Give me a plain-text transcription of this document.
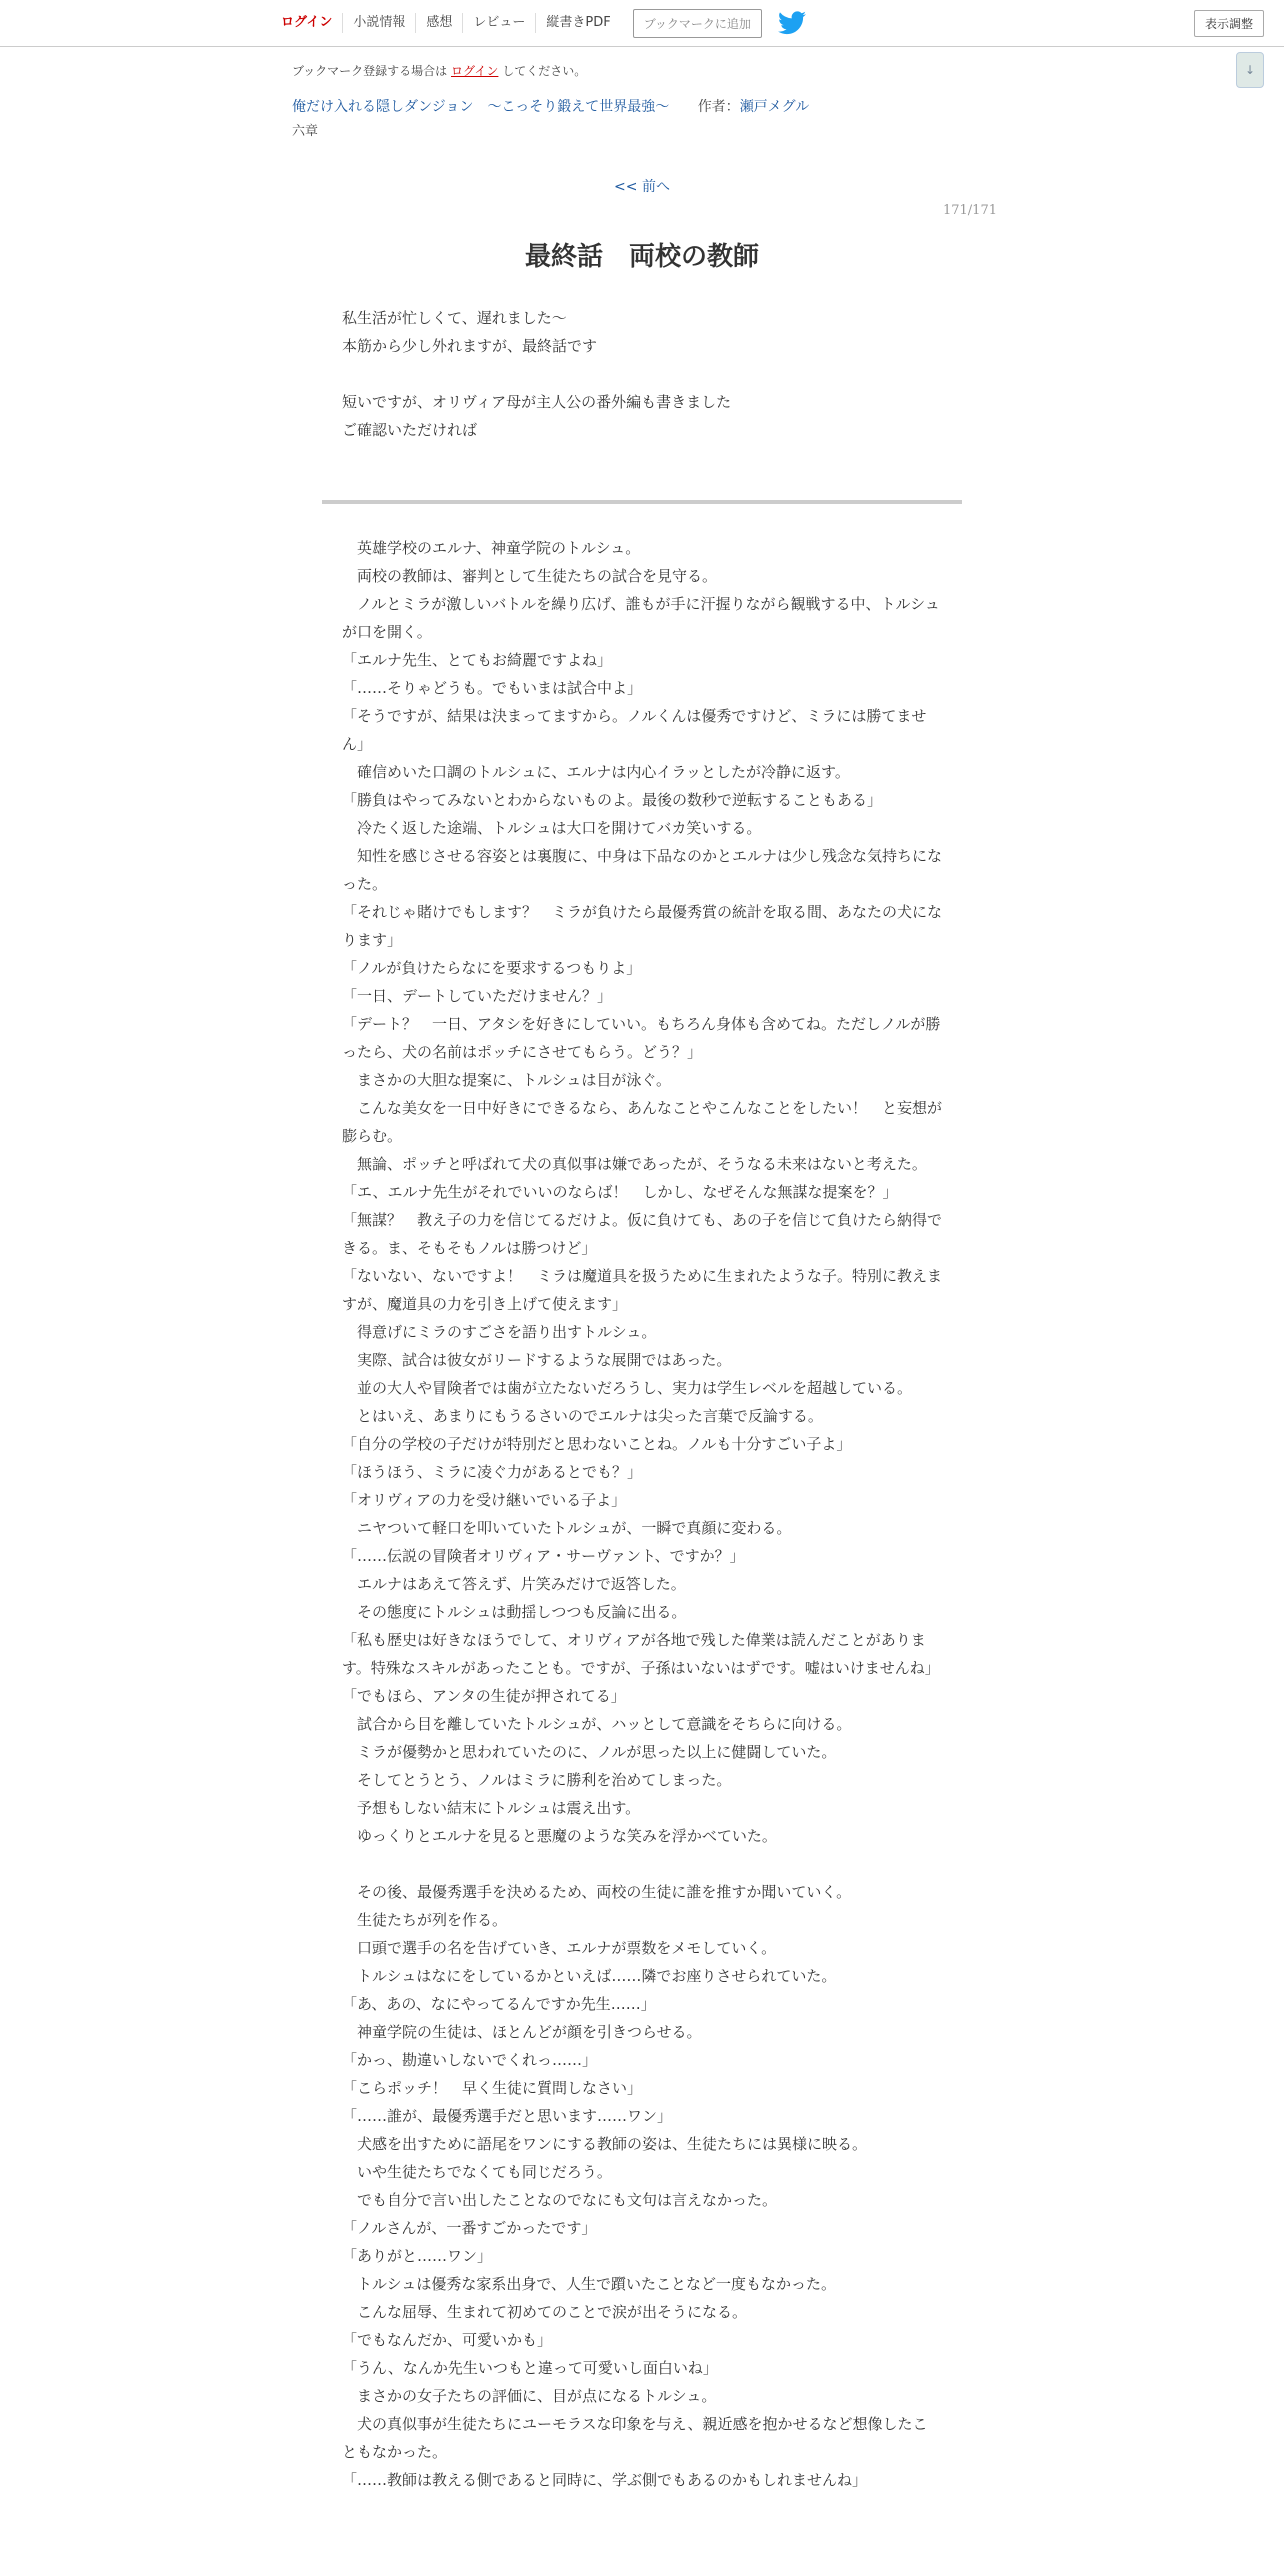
ログイン	小説情報	感想	レビュー	縦書きPDF	ブックマークに追加	表示調整
↓
ブックマーク登録する場合は ログイン してください。
俺だけ入れる隠しダンジョン　〜こっそり鍛えて世界最強〜 作者：瀬戸メグル
六章
<< 前へ
171/171
最終話　両校の教師

私生活が忙しくて、遅れました～

本筋から少し外れますが、最終話です

短いですが、オリヴィア母が主人公の番外編も書きました

ご確認いただければ

　英雄学校のエルナ、神童学院のトルシュ。

　両校の教師は、審判として生徒たちの試合を見守る。

　ノルとミラが激しいバトルを繰り広げ、誰もが手に汗握りながら観戦する中、トルシュが口を開く。

「エルナ先生、とてもお綺麗ですよね」

「……そりゃどうも。でもいまは試合中よ」

「そうですが、結果は決まってますから。ノルくんは優秀ですけど、ミラには勝てません」

　確信めいた口調のトルシュに、エルナは内心イラッとしたが冷静に返す。

「勝負はやってみないとわからないものよ。最後の数秒で逆転することもある」

　冷たく返した途端、トルシュは大口を開けてバカ笑いする。

　知性を感じさせる容姿とは裏腹に、中身は下品なのかとエルナは少し残念な気持ちになった。

「それじゃ賭けでもします？　ミラが負けたら最優秀賞の統計を取る間、あなたの犬になります」

「ノルが負けたらなにを要求するつもりよ」

「一日、デートしていただけません？」

「デート？　一日、アタシを好きにしていい。もちろん身体も含めてね。ただしノルが勝ったら、犬の名前はポッチにさせてもらう。どう？」

　まさかの大胆な提案に、トルシュは目が泳ぐ。

　こんな美女を一日中好きにできるなら、あんなことやこんなことをしたい！　と妄想が膨らむ。

　無論、ポッチと呼ばれて犬の真似事は嫌であったが、そうなる未来はないと考えた。

「エ、エルナ先生がそれでいいのならば！　しかし、なぜそんな無謀な提案を？」

「無謀？　教え子の力を信じてるだけよ。仮に負けても、あの子を信じて負けたら納得できる。ま、そもそもノルは勝つけど」

「ないない、ないですよ！　ミラは魔道具を扱うために生まれたような子。特別に教えますが、魔道具の力を引き上げて使えます」

　得意げにミラのすごさを語り出すトルシュ。

　実際、試合は彼女がリードするような展開ではあった。

　並の大人や冒険者では歯が立たないだろうし、実力は学生レベルを超越している。

　とはいえ、あまりにもうるさいのでエルナは尖った言葉で反論する。

「自分の学校の子だけが特別だと思わないことね。ノルも十分すごい子よ」

「ほうほう、ミラに凌ぐ力があるとでも？」

「オリヴィアの力を受け継いでいる子よ」

　ニヤついて軽口を叩いていたトルシュが、一瞬で真顔に変わる。

「……伝説の冒険者オリヴィア・サーヴァント、ですか？」

　エルナはあえて答えず、片笑みだけで返答した。

　その態度にトルシュは動揺しつつも反論に出る。

「私も歴史は好きなほうでして、オリヴィアが各地で残した偉業は読んだことがあります。特殊なスキルがあったことも。ですが、子孫はいないはずです。嘘はいけませんね」

「でもほら、アンタの生徒が押されてる」

　試合から目を離していたトルシュが、ハッとして意識をそちらに向ける。

　ミラが優勢かと思われていたのに、ノルが思った以上に健闘していた。

　そしてとうとう、ノルはミラに勝利を治めてしまった。

　予想もしない結末にトルシュは震え出す。

　ゆっくりとエルナを見ると悪魔のような笑みを浮かべていた。

　その後、最優秀選手を決めるため、両校の生徒に誰を推すか聞いていく。

　生徒たちが列を作る。

　口頭で選手の名を告げていき、エルナが票数をメモしていく。

　トルシュはなにをしているかといえば……隣でお座りさせられていた。

「あ、あの、なにやってるんですか先生……」

　神童学院の生徒は、ほとんどが顔を引きつらせる。

「かっ、勘違いしないでくれっ……」

「こらポッチ！　早く生徒に質問しなさい」

「……誰が、最優秀選手だと思います……ワン」

　犬感を出すために語尾をワンにする教師の姿は、生徒たちには異様に映る。

　いや生徒たちでなくても同じだろう。

　でも自分で言い出したことなのでなにも文句は言えなかった。

「ノルさんが、一番すごかったです」

「ありがと……ワン」

　トルシュは優秀な家系出身で、人生で躓いたことなど一度もなかった。

　こんな屈辱、生まれて初めてのことで涙が出そうになる。

「でもなんだか、可愛いかも」

「うん、なんか先生いつもと違って可愛いし面白いね」

　まさかの女子たちの評価に、目が点になるトルシュ。

　犬の真似事が生徒たちにユーモラスな印象を与え、親近感を抱かせるなど想像したこともなかった。

「……教師は教える側であると同時に、学ぶ側でもあるのかもしれませんね」
